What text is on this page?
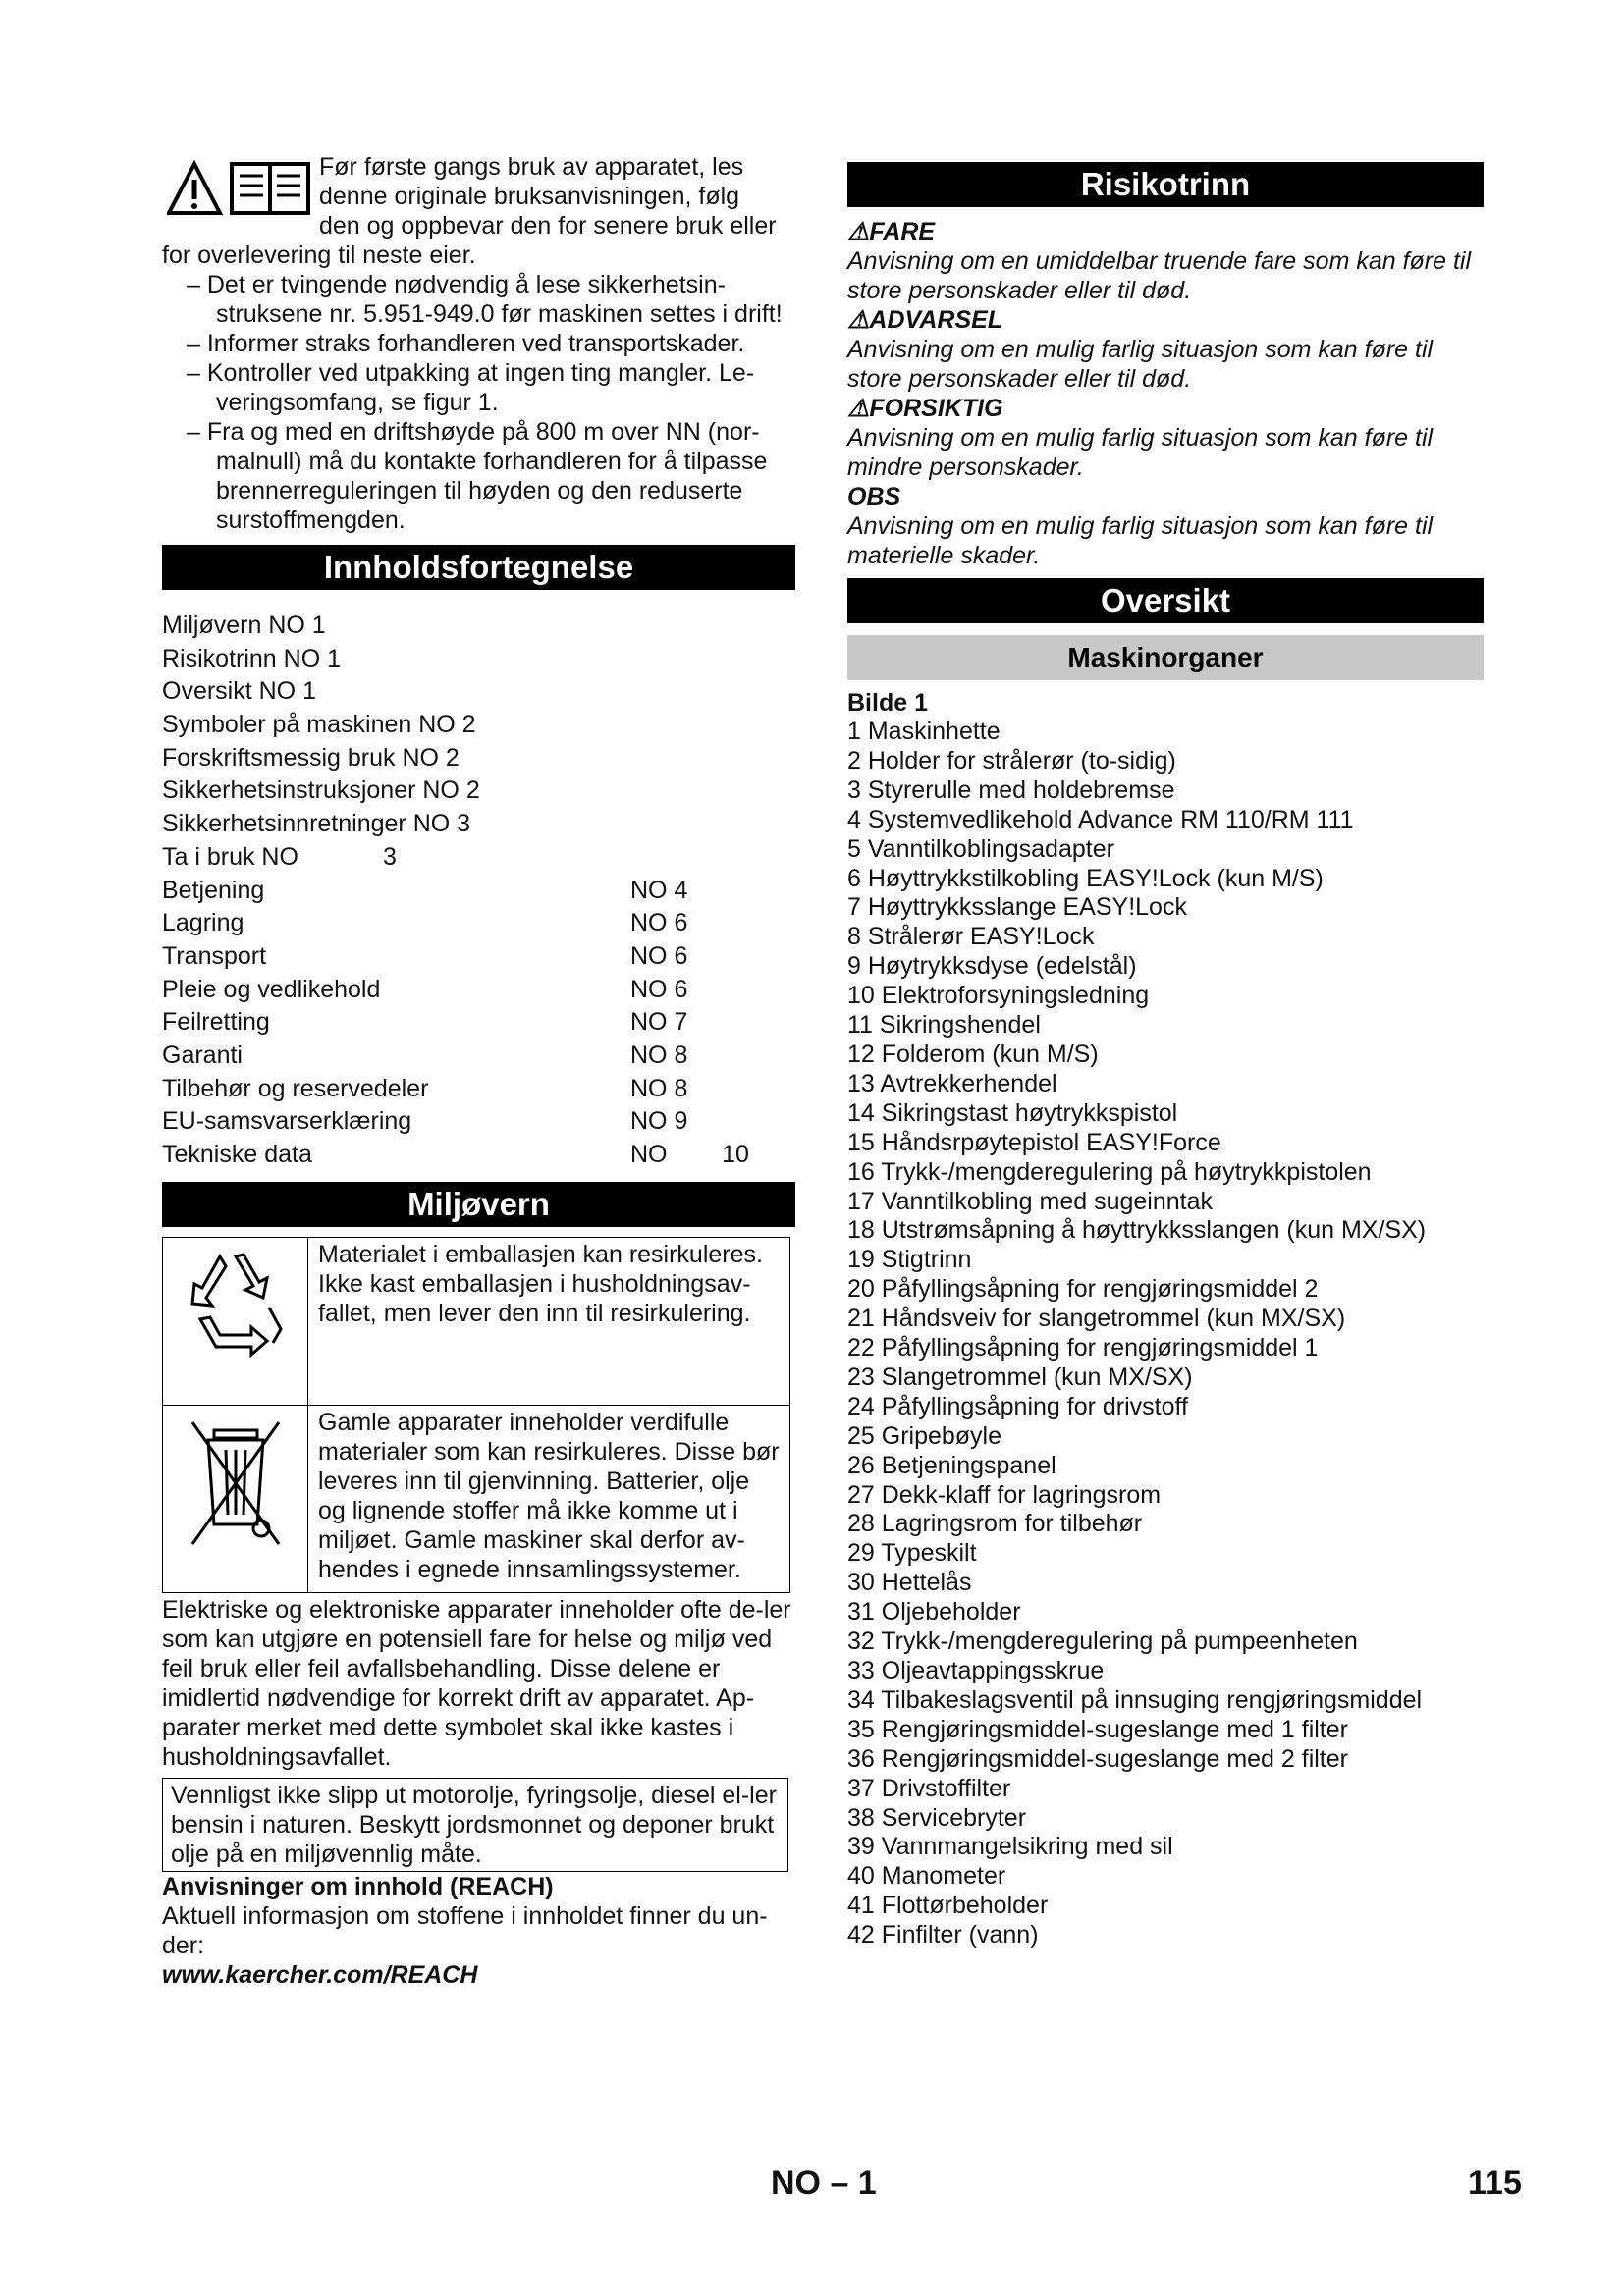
Før første gangs bruk av apparatet, les
denne originale bruksanvisningen, følg
den og oppbevar den for senere bruk eller
for overlevering til neste eier.
– Det er tvingende nødvendig å lese sikkerhetsin-struksene nr. 5.951-949.0 før maskinen settes i drift!
– Informer straks forhandleren ved transportskader.
– Kontroller ved utpakking at ingen ting mangler. Le-veringsomfang, se figur 1.
– Fra og med en driftshøyde på 800 m over NN (nor-malnull) må du kontakte forhandleren for å tilpasse brennerreguleringen til høyden og den reduserte surstoffmengden.
Innholdsfortegnelse
Miljøvern NO 1
Risikotrinn NO 1
Oversikt NO 1
Symboler på maskinen NO 2
Forskriftsmessig bruk NO 2
Sikkerhetsinstruksjoner NO 2
Sikkerhetsinnretninger NO 3
Ta i bruk NO	3
Betjening	NO 4
Lagring	NO 6
Transport	NO 6
Pleie og vedlikehold	NO 6
Feilretting	NO 7
Garanti	NO 8
Tilbehør og reservedeler	NO 8
EU-samsvarserklæring	NO 9
Tekniske data	NO        10
Miljøvern
	Materialet i emballasjen kan resirkuleres. Ikke kast emballasjen i husholdningsav-fallet, men lever den inn til resirkulering.
	Gamle apparater inneholder verdifulle materialer som kan resirkuleres. Disse bør leveres inn til gjenvinning. Batterier, olje og lignende stoffer må ikke komme ut i miljøet. Gamle maskiner skal derfor av-hendes i egnede innsamlingssystemer.
Elektriske og elektroniske apparater inneholder ofte de-ler som kan utgjøre en potensiell fare for helse og miljø ved feil bruk eller feil avfallsbehandling. Disse delene er imidlertid nødvendige for korrekt drift av apparatet. Ap-parater merket med dette symbolet skal ikke kastes i husholdningsavfallet.
Vennligst ikke slipp ut motorolje, fyringsolje, diesel el-ler bensin i naturen. Beskytt jordsmonnet og deponer brukt olje på en miljøvennlig måte.
Anvisninger om innhold (REACH)
Aktuell informasjon om stoffene i innholdet finner du un-der:
www.kaercher.com/REACH
Risikotrinn
⚠FARE
Anvisning om en umiddelbar truende fare som kan føre til store personskader eller til død.
⚠ADVARSEL
Anvisning om en mulig farlig situasjon som kan føre til store personskader eller til død.
⚠FORSIKTIG
Anvisning om en mulig farlig situasjon som kan føre til mindre personskader.
OBS
Anvisning om en mulig farlig situasjon som kan føre til materielle skader.
Oversikt
Maskinorganer
Bilde 1
1 Maskinhette
2 Holder for strålerør (to-sidig)
3 Styrerulle med holdebremse
4 Systemvedlikehold Advance RM 110/RM 111
5 Vanntilkoblingsadapter
6 Høyttrykkstilkobling EASY!Lock (kun M/S)
7 Høyttrykksslange EASY!Lock
8 Strålerør EASY!Lock
9 Høytrykksdyse (edelstål)
10 Elektroforsyningsledning
11 Sikringshendel
12 Folderom (kun M/S)
13 Avtrekkerhendel
14 Sikringstast høytrykkspistol
15 Håndsrpøytepistol EASY!Force
16 Trykk-/mengderegulering på høytrykkpistolen
17 Vanntilkobling med sugeinntak
18 Utstrømsåpning å høyttrykksslangen (kun MX/SX)
19 Stigtrinn
20 Påfyllingsåpning for rengjøringsmiddel 2
21 Håndsveiv for slangetrommel (kun MX/SX)
22 Påfyllingsåpning for rengjøringsmiddel 1
23 Slangetrommel (kun MX/SX)
24 Påfyllingsåpning for drivstoff
25 Gripebøyle
26 Betjeningspanel
27 Dekk-klaff for lagringsrom
28 Lagringsrom for tilbehør
29 Typeskilt
30 Hettelås
31 Oljebeholder
32 Trykk-/mengderegulering på pumpeenheten
33 Oljeavtappingsskrue
34 Tilbakeslagsventil på innsuging rengjøringsmiddel
35 Rengjøringsmiddel-sugeslange med 1 filter
36 Rengjøringsmiddel-sugeslange med 2 filter
37 Drivstoffilter
38 Servicebryter
39 Vannmangelsikring med sil
40 Manometer
41 Flottørbeholder
42 Finfilter (vann)
NO – 1	115
